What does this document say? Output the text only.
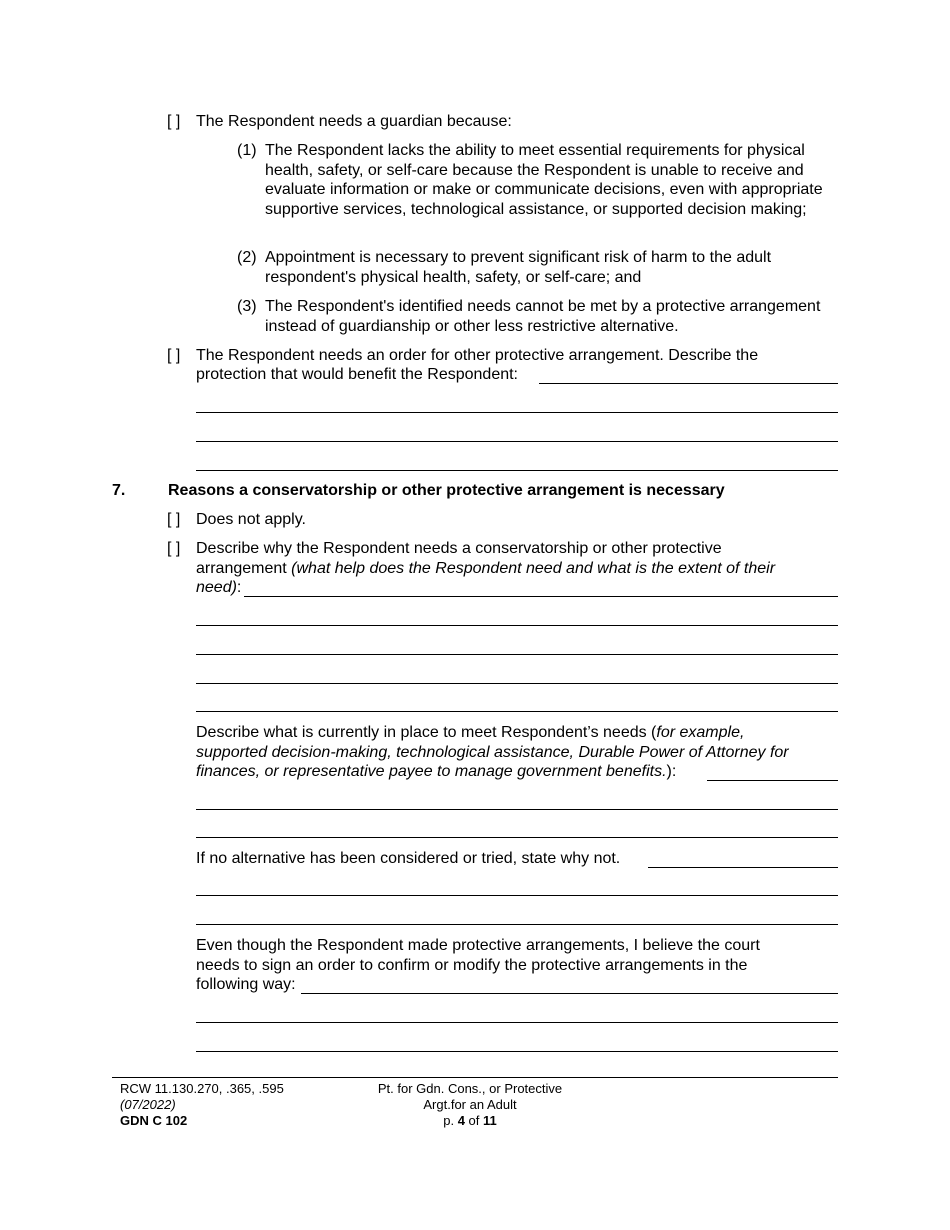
[ ] The Respondent needs a guardian because:
(1) The Respondent lacks the ability to meet essential requirements for physical health, safety, or self-care because the Respondent is unable to receive and evaluate information or make or communicate decisions, even with appropriate supportive services, technological assistance, or supported decision making;
(2) Appointment is necessary to prevent significant risk of harm to the adult respondent's physical health, safety, or self-care; and
(3) The Respondent's identified needs cannot be met by a protective arrangement instead of guardianship or other less restrictive alternative.
[ ] The Respondent needs an order for other protective arrangement. Describe the
protection that would benefit the Respondent:
7.	Reasons a conservatorship or other protective arrangement is necessary
[ ] Does not apply.
[ ] Describe why the Respondent needs a conservatorship or other protective
arrangement (what help does the Respondent need and what is the extent of their
need):
Describe what is currently in place to meet Respondent’s needs (for example,
supported decision-making, technological assistance, Durable Power of Attorney for
finances, or representative payee to manage government benefits.):
If no alternative has been considered or tried, state why not.
Even though the Respondent made protective arrangements, I believe the court
needs to sign an order to confirm or modify the protective arrangements in the
following way:
RCW 11.130.270, .365, .595
(07/2022)
GDN C 102
Pt. for Gdn. Cons., or Protective
Argt.for an Adult
p. 4 of 11
